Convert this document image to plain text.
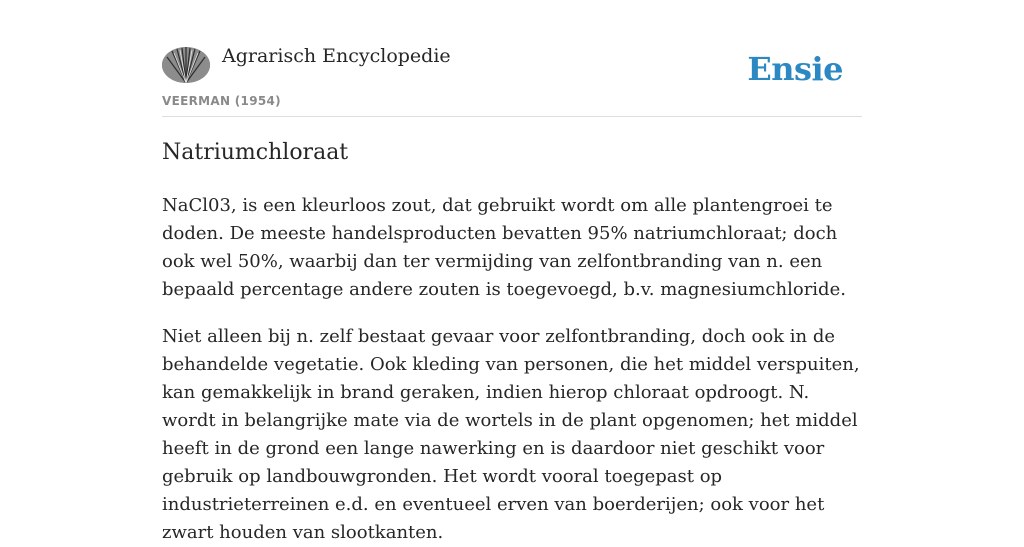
Agrarisch Encyclopedie
VEERMAN (1954)
Ensie
Natriumchloraat

NaCl03, is een kleurloos zout, dat gebruikt wordt om alle plantengroei te doden. De meeste handelsproducten bevatten 95% natriumchloraat; doch ook wel 50%, waarbij dan ter vermijding van zelfontbranding van n. een bepaald percentage andere zouten is toegevoegd, b.v. magnesiumchloride.

Niet alleen bij n. zelf bestaat gevaar voor zelfontbranding, doch ook in de behandelde vegetatie. Ook kleding van personen, die het middel verspuiten, kan gemakkelijk in brand geraken, indien hierop chloraat opdroogt. N. wordt in belangrijke mate via de wortels in de plant opgenomen; het middel heeft in de grond een lange nawerking en is daardoor niet geschikt voor gebruik op landbouwgronden. Het wordt vooral toegepast op industrieterreinen e.d. en eventueel erven van boerderijen; ook voor het zwart houden van slootkanten.
